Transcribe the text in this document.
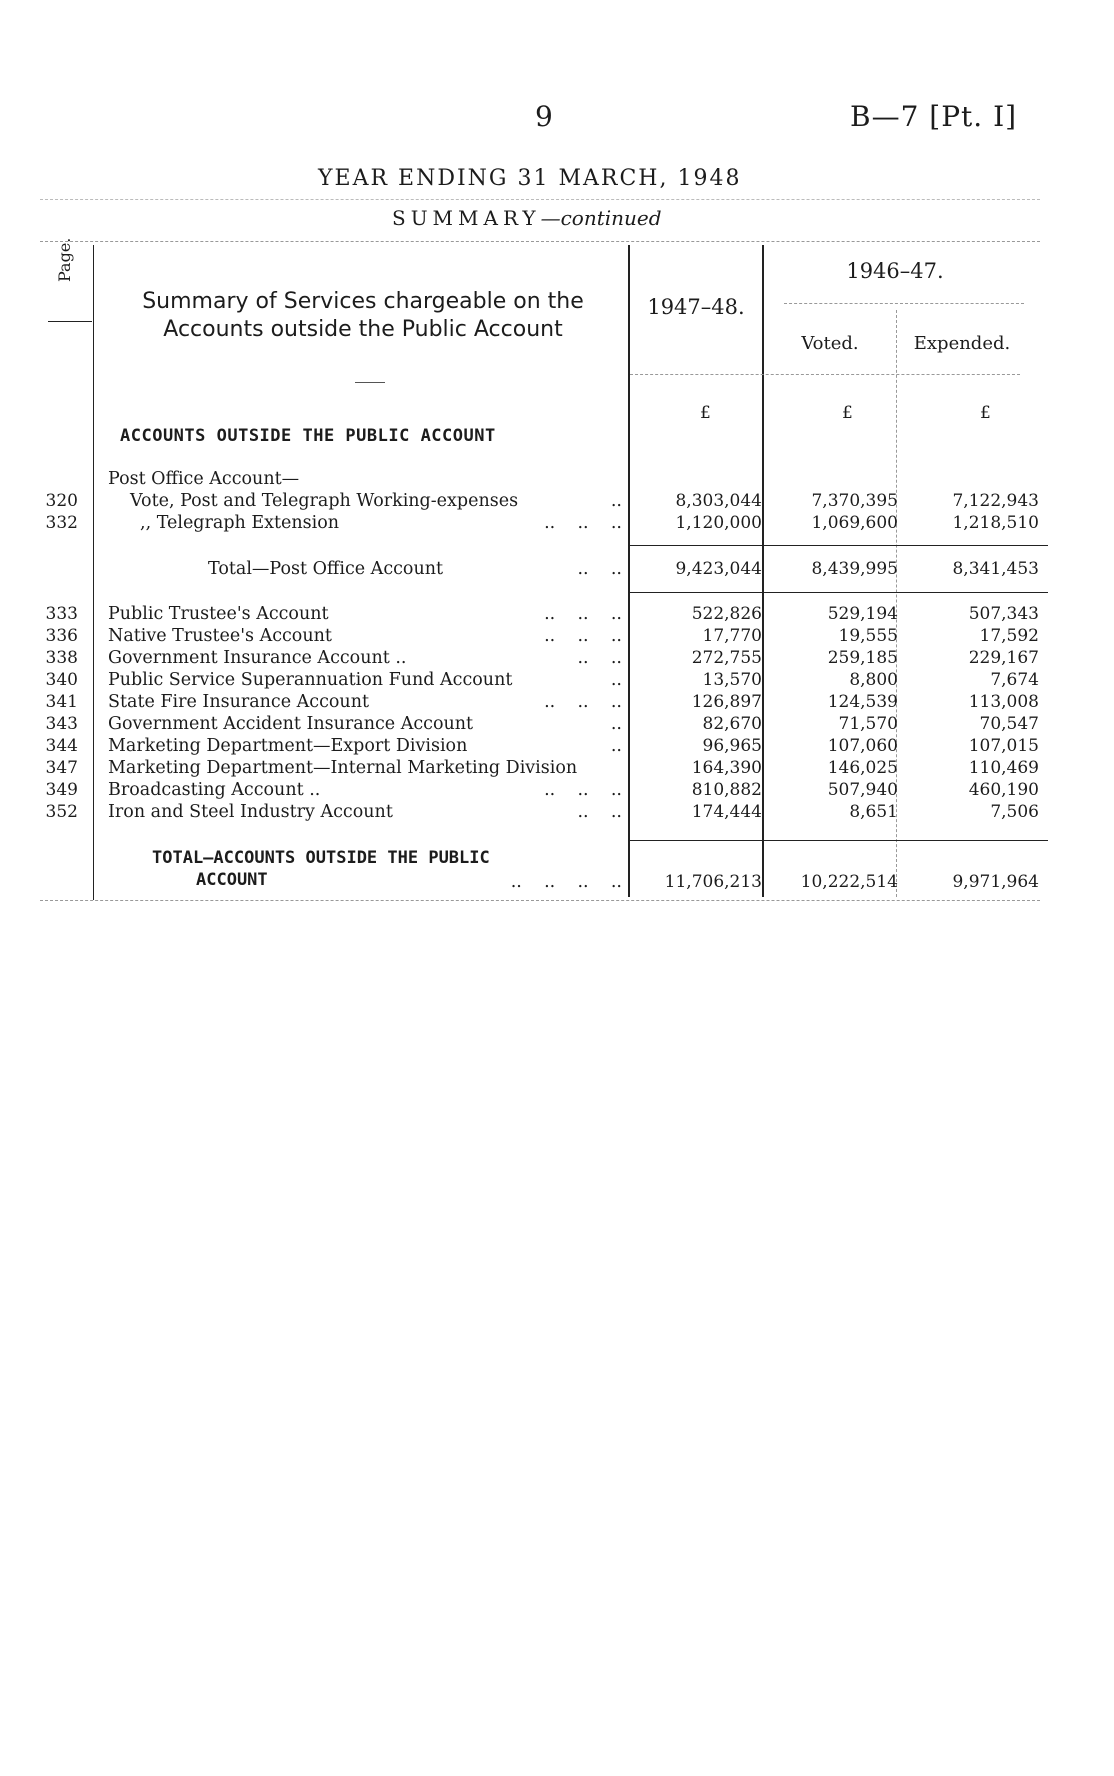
9	B—7 [Pt. I]
YEAR ENDING 31 MARCH, 1948
SUMMARY—continued
Page.
Summary of Services chargeable on the Accounts outside the Public Account
1947–48.
1946–47.
Voted.	Expended.
£	£	£
ACCOUNTS OUTSIDE THE PUBLIC ACCOUNT
Post Office Account—
320	Vote, Post and Telegraph Working-expenses	..	8,303,044	7,370,395	7,122,943
332	,, Telegraph Extension	..    ..    ..	1,120,000	1,069,600	1,218,510
Total—Post Office Account	..    ..	9,423,044	8,439,995	8,341,453
333 Public Trustee's Account	..    ..    ..	522,826	529,194	507,343
336 Native Trustee's Account	..    ..    ..	17,770	19,555	17,592
338 Government Insurance Account ..	..    ..	272,755	259,185	229,167
340 Public Service Superannuation Fund Account	..	13,570	8,800	7,674
341 State Fire Insurance Account	..    ..    ..	126,897	124,539	113,008
343 Government Accident Insurance Account	..	82,670	71,570	70,547
344 Marketing Department—Export Division	..	96,965	107,060	107,015
347 Marketing Department—Internal Marketing Division	164,390	146,025	110,469
349 Broadcasting Account ..	..    ..    ..	810,882	507,940	460,190
352 Iron and Steel Industry Account	..    ..	174,444	8,651	7,506
TOTAL—ACCOUNTS OUTSIDE THE PUBLIC
ACCOUNT	..    ..    ..    ..	11,706,213 10,222,514	9,971,964
